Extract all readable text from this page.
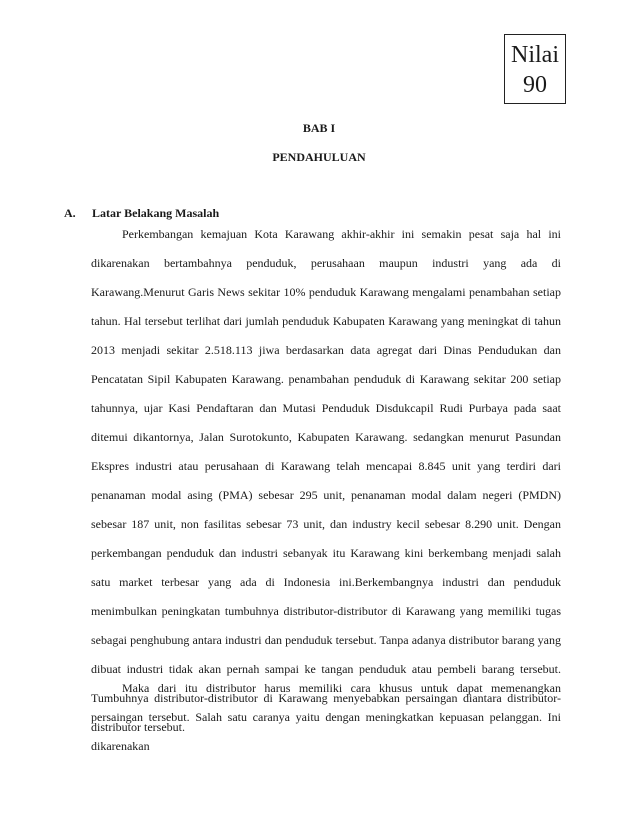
Nilai
90
BAB I
PENDAHULUAN
A. Latar Belakang Masalah

Perkembangan kemajuan Kota Karawang akhir-akhir ini semakin pesat saja hal ini dikarenakan bertambahnya penduduk, perusahaan maupun industri yang ada di Karawang.Menurut Garis News sekitar 10% penduduk Karawang mengalami penambahan setiap tahun. Hal tersebut terlihat dari jumlah penduduk Kabupaten Karawang yang meningkat di tahun 2013 menjadi sekitar 2.518.113 jiwa berdasarkan data agregat dari Dinas Pendudukan dan Pencatatan Sipil Kabupaten Karawang. penambahan penduduk di Karawang sekitar 200 setiap tahunnya, ujar Kasi Pendaftaran dan Mutasi Penduduk Disdukcapil Rudi Purbaya pada saat ditemui dikantornya, Jalan Surotokunto, Kabupaten Karawang. sedangkan menurut Pasundan Ekspres industri atau perusahaan di Karawang telah mencapai 8.845 unit yang terdiri dari penanaman modal asing (PMA) sebesar 295 unit, penanaman modal dalam negeri (PMDN) sebesar 187 unit, non fasilitas sebesar 73 unit, dan industry kecil sebesar 8.290 unit. Dengan perkembangan penduduk dan industri sebanyak itu Karawang kini berkembang menjadi salah satu market terbesar yang ada di Indonesia ini.Berkembangnya industri dan penduduk menimbulkan peningkatan tumbuhnya distributor-distributor di Karawang yang memiliki tugas sebagai penghubung antara industri dan penduduk tersebut. Tanpa adanya distributor barang yang dibuat industri tidak akan pernah sampai ke tangan penduduk atau pembeli barang tersebut. Tumbuhnya distributor-distributor di Karawang menyebabkan persaingan diantara distributor-distributor tersebut.

Maka dari itu distributor harus memiliki cara khusus untuk dapat memenangkan persaingan tersebut. Salah satu caranya yaitu dengan meningkatkan kepuasan pelanggan. Ini dikarenakan
